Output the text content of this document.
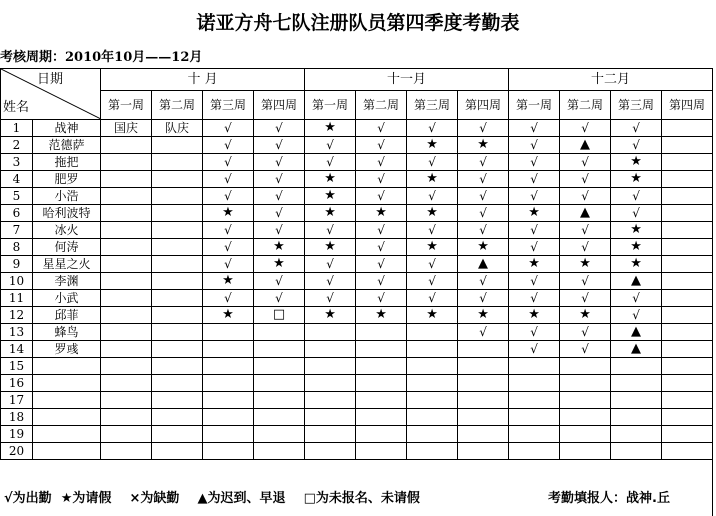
诺亚方舟七队注册队员第四季度考勤表
考核周期：2010年10月——12月
日期
姓名		十 月				十一月				十二月			
		第一周	第二周	第三周	第四周	第一周	第二周	第三周	第四周	第一周	第二周	第三周	第四周
1	战神	国庆	队庆	√	√	★	√	√	√	√	√	√	
2	范德萨			√	√	√	√	★	★	√	▲	√	
3	拖把			√	√	√	√	√	√	√	√	★	
4	肥罗			√	√	★	√	★	√	√	√	★	
5	小浩			√	√	★	√	√	√	√	√	√	
6	哈利波特			★	√	★	★	★	√	★	▲	√	
7	冰火			√	√	√	√	√	√	√	√	★	
8	何涛			√	★	★	√	★	★	√	√	★	
9	星星之火			√	★	√	√	√	▲	★	★	★	
10	李渊			★	√	√	√	√	√	√	√	▲	
11	小武			√	√	√	√	√	√	√	√	√	
12	邱菲			★	□	★	★	★	★	★	★	√	
13	蜂鸟								√	√	√	▲	
14	罗彧									√	√	▲	
15													
16													
17													
18													
19													
20													
√为出勤 ★为请假 ×为缺勤 ▲为迟到、早退 □为未报名、未请假	考勤填报人：战神.丘
